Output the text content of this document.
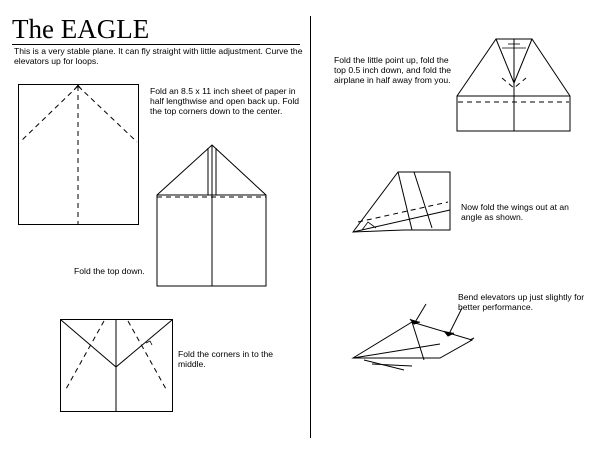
The EAGLE

This is a very stable plane. It can fly straight with little adjustment. Curve the elevators up for loops.

Fold an 8.5 x 11 inch sheet of paper in half lengthwise and open back up. Fold the top corners down to the center.

Fold the top down.

Fold the corners in to the middle.

Fold the little point up, fold the top 0.5 inch down, and fold the airplane in half away from you.

Now fold the wings out at an angle as shown.

Bend elevators up just slightly for better performance.
